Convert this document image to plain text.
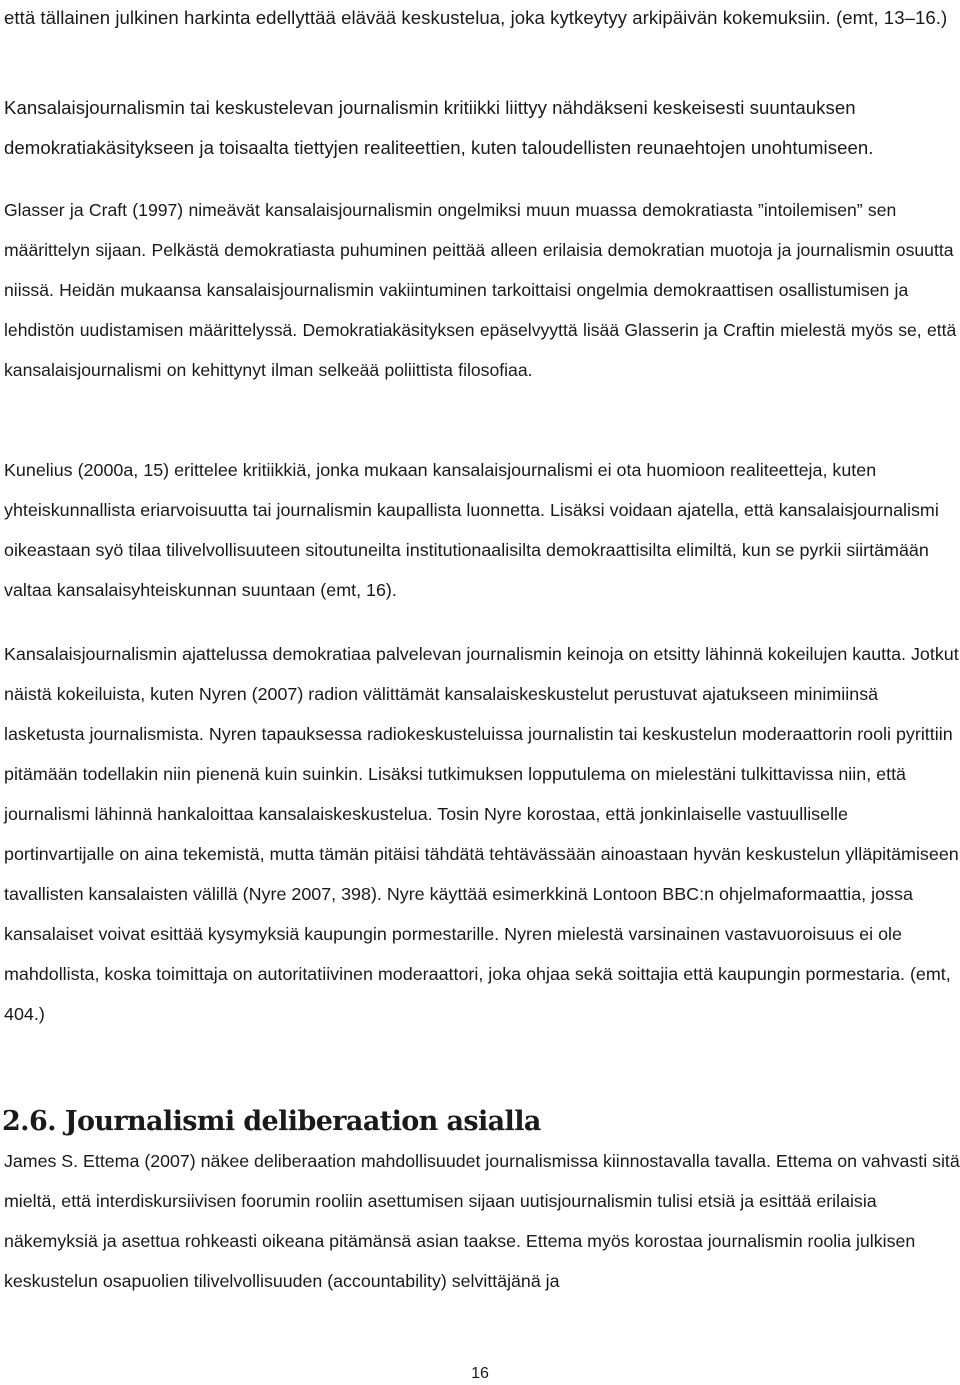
että tällainen julkinen harkinta edellyttää elävää keskustelua, joka kytkeytyy arkipäivän kokemuksiin. (emt, 13–16.)

Kansalaisjournalismin tai keskustelevan journalismin kritiikki liittyy nähdäkseni keskeisesti suuntauksen demokratiakäsitykseen ja toisaalta tiettyjen realiteettien, kuten taloudellisten reunaehtojen unohtumiseen.

Glasser ja Craft (1997) nimeävät kansalaisjournalismin ongelmiksi muun muassa demokratiasta ”intoilemisen” sen määrittelyn sijaan. Pelkästä demokratiasta puhuminen peittää alleen erilaisia demokratian muotoja ja journalismin osuutta niissä. Heidän mukaansa kansalaisjournalismin vakiintuminen tarkoittaisi ongelmia demokraattisen osallistumisen ja lehdistön uudistamisen määrittelyssä. Demokratiakäsityksen epäselvyyttä lisää Glasserin ja Craftin mielestä myös se, että kansalaisjournalismi on kehittynyt ilman selkeää poliittista filosofiaa.

Kunelius (2000a, 15) erittelee kritiikkiä, jonka mukaan kansalaisjournalismi ei ota huomioon realiteetteja, kuten yhteiskunnallista eriarvoisuutta tai journalismin kaupallista luonnetta. Lisäksi voidaan ajatella, että kansalaisjournalismi oikeastaan syö tilaa tilivelvollisuuteen sitoutuneilta institutionaalisilta demokraattisilta elimiltä, kun se pyrkii siirtämään valtaa kansalaisyhteiskunnan suuntaan (emt, 16).

Kansalaisjournalismin ajattelussa demokratiaa palvelevan journalismin keinoja on etsitty lähinnä kokeilujen kautta. Jotkut näistä kokeiluista, kuten Nyren (2007) radion välittämät kansalaiskeskustelut perustuvat ajatukseen minimiinsä lasketusta journalismista. Nyren tapauksessa radiokeskusteluissa journalistin tai keskustelun moderaattorin rooli pyrittiin pitämään todellakin niin pienenä kuin suinkin. Lisäksi tutkimuksen lopputulema on mielestäni tulkittavissa niin, että journalismi lähinnä hankaloittaa kansalaiskeskustelua. Tosin Nyre korostaa, että jonkinlaiselle vastuulliselle portinvartijalle on aina tekemistä, mutta tämän pitäisi tähdätä tehtävässään ainoastaan hyvän keskustelun ylläpitämiseen tavallisten kansalaisten välillä (Nyre 2007, 398). Nyre käyttää esimerkkinä Lontoon BBC:n ohjelmaformaattia, jossa kansalaiset voivat esittää kysymyksiä kaupungin pormestarille. Nyren mielestä varsinainen vastavuoroisuus ei ole mahdollista, koska toimittaja on autoritatiivinen moderaattori, joka ohjaa sekä soittajia että kaupungin pormestaria. (emt, 404.)

2.6. Journalismi deliberaation asialla

James S. Ettema (2007) näkee deliberaation mahdollisuudet journalismissa kiinnostavalla tavalla. Ettema on vahvasti sitä mieltä, että interdiskursiivisen foorumin rooliin asettumisen sijaan uutisjournalismin tulisi etsiä ja esittää erilaisia näkemyksiä ja asettua rohkeasti oikeana pitämänsä asian taakse. Ettema myös korostaa journalismin roolia julkisen keskustelun osapuolien tilivelvollisuuden (accountability) selvittäjänä ja

16
